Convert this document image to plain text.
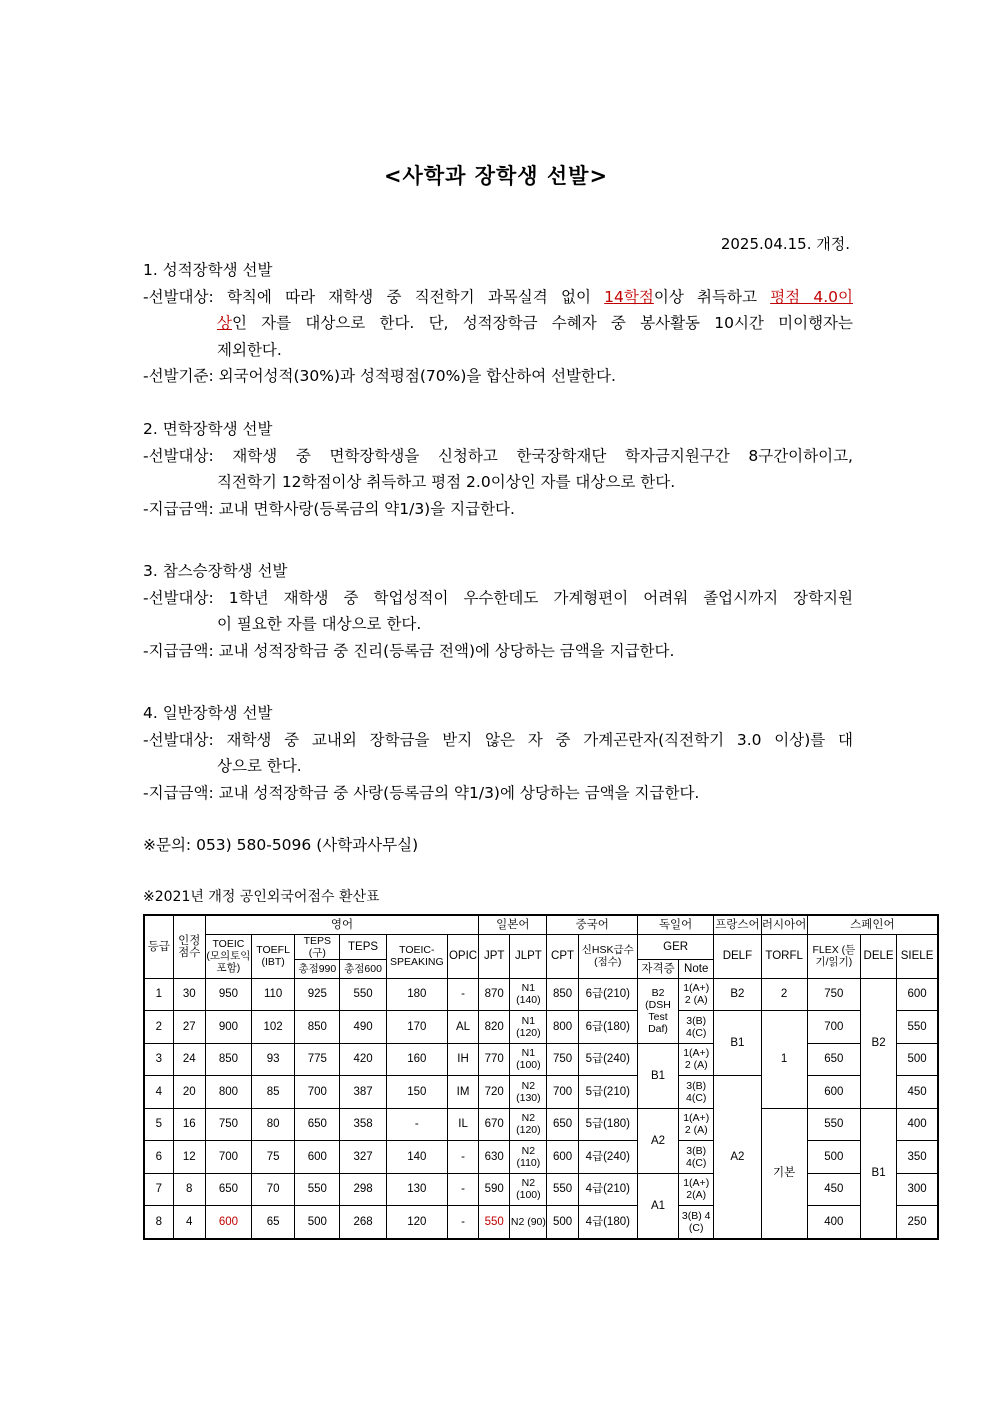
<사학과 장학생 선발>
2025.04.15. 개정.
1. 성적장학생 선발
-선발대상: 학칙에 따라 재학생 중 직전학기 과목실격 없이 14학점이상 취득하고 평점 4.0이
상인 자를 대상으로 한다. 단, 성적장학금 수혜자 중 봉사활동 10시간 미이행자는
제외한다.
-선발기준: 외국어성적(30%)과 성적평점(70%)을 합산하여 선발한다.
2. 면학장학생 선발
-선발대상: 재학생 중 면학장학생을 신청하고 한국장학재단 학자금지원구간 8구간이하이고,
직전학기 12학점이상 취득하고 평점 2.0이상인 자를 대상으로 한다.
-지급금액: 교내 면학사랑(등록금의 약1/3)을 지급한다.
3. 참스승장학생 선발
-선발대상: 1학년 재학생 중 학업성적이 우수한데도 가계형편이 어려워 졸업시까지 장학지원
이 필요한 자를 대상으로 한다.
-지급금액: 교내 성적장학금 중 진리(등록금 전액)에 상당하는 금액을 지급한다.
4. 일반장학생 선발
-선발대상: 재학생 중 교내외 장학금을 받지 않은 자 중 가계곤란자(직전학기 3.0 이상)를 대
상으로 한다.
-지급금액: 교내 성적장학금 중 사랑(등록금의 약1/3)에 상당하는 금액을 지급한다.
※문의: 053) 580-5096 (사학과사무실)
※2021년 개정 공인외국어점수 환산표
등급	인정점수	영어						일본어		중국어		독일어		프랑스어	러시아어	스페인어		
		TOEIC (모의토익 포함)	TOEFL (IBT)	TEPS (구)	TEPS	TOEIC-SPEAKING	OPIC	JPT	JLPT	CPT	신HSK급수 (점수)	GER		DELF	TORFL	FLEX (듣기/읽기)	DELE	SIELE
				총점990	총점600							자격증	Note					
1	30	950	110	925	550	180	-	870	N1 (140)	850	6급(210)	B2 (DSH Test Daf)	1(A+) 2 (A)	B2	2	750	B2	600
2	27	900	102	850	490	170	AL	820	N1 (120)	800	6급(180)		3(B) 4(C)	B1	1	700		550
3	24	850	93	775	420	160	IH	770	N1 (100)	750	5급(240)	B1	1(A+) 2 (A)			650		500
4	20	800	85	700	387	150	IM	720	N2 (130)	700	5급(210)		3(B) 4(C)	A2		600		450
5	16	750	80	650	358	-	IL	670	N2 (120)	650	5급(180)	A2	1(A+) 2 (A)		기본	550	B1	400
6	12	700	75	600	327	140	-	630	N2 (110)	600	4급(240)		3(B) 4(C)			500		350
7	8	650	70	550	298	130	-	590	N2 (100)	550	4급(210)	A1	1(A+) 2(A)			450		300
8	4	600	65	500	268	120	-	550	N2 (90)	500	4급(180)		3(B) 4 (C)			400		250
